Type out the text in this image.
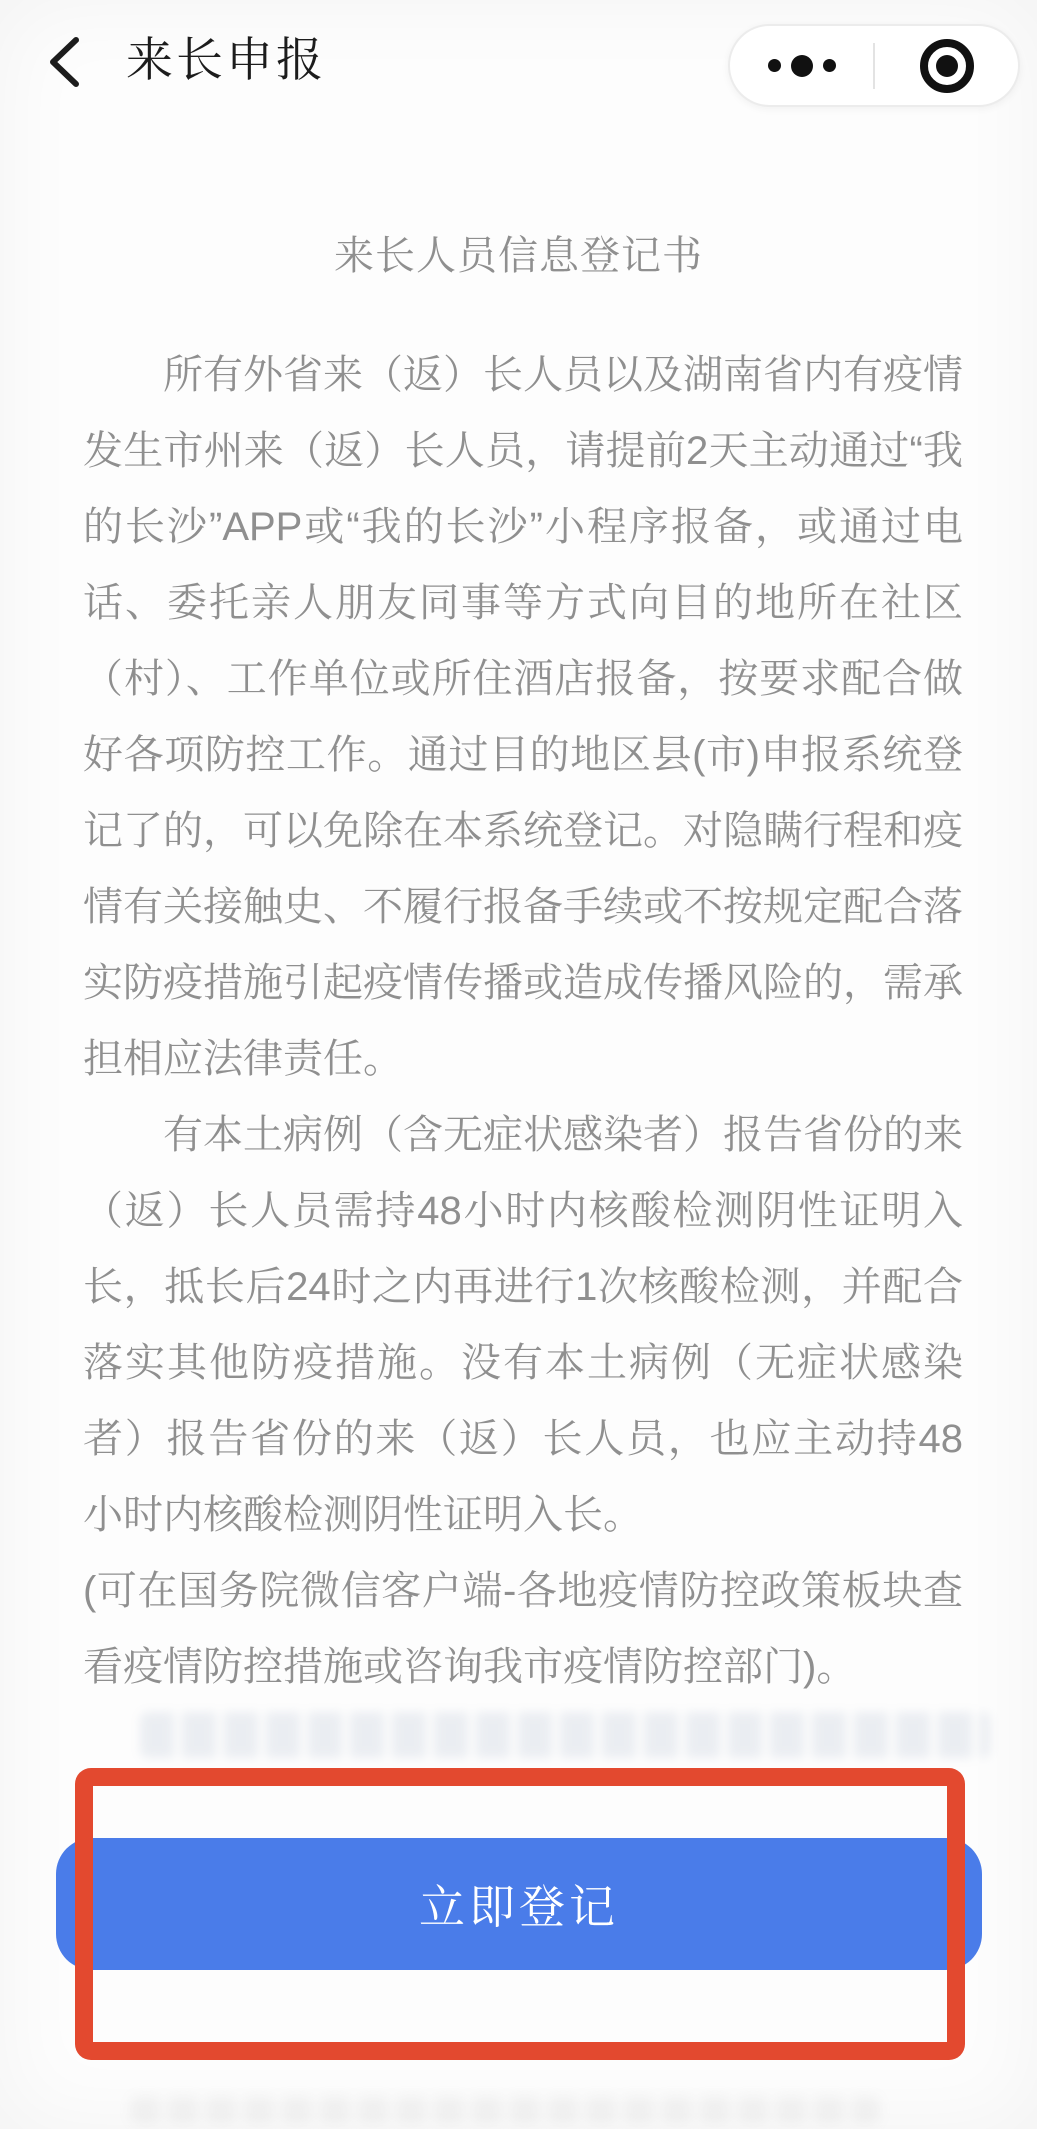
来长申报
来长人员信息登记书

所有外省来（返）长人员以及湖南省内有疫情发生市州来（返）长人员，请提前2天主动通过“我的长沙”APP或“我的长沙”小程序报备，或通过电话、委托亲人朋友同事等方式向目的地所在社区（村）、工作单位或所住酒店报备，按要求配合做好各项防控工作。通过目的地区县(市)申报系统登记了的，可以免除在本系统登记。对隐瞒行程和疫情有关接触史、不履行报备手续或不按规定配合落实防疫措施引起疫情传播或造成传播风险的，需承担相应法律责任。

有本土病例（含无症状感染者）报告省份的来（返）长人员需持48小时内核酸检测阴性证明入长，抵长后24时之内再进行1次核酸检测，并配合落实其他防疫措施。没有本土病例（无症状感染者）报告省份的来（返）长人员，也应主动持48小时内核酸检测阴性证明入长。

(可在国务院微信客户端-各地疫情防控政策板块查看疫情防控措施或咨询我市疫情防控部门)。

立即登记
